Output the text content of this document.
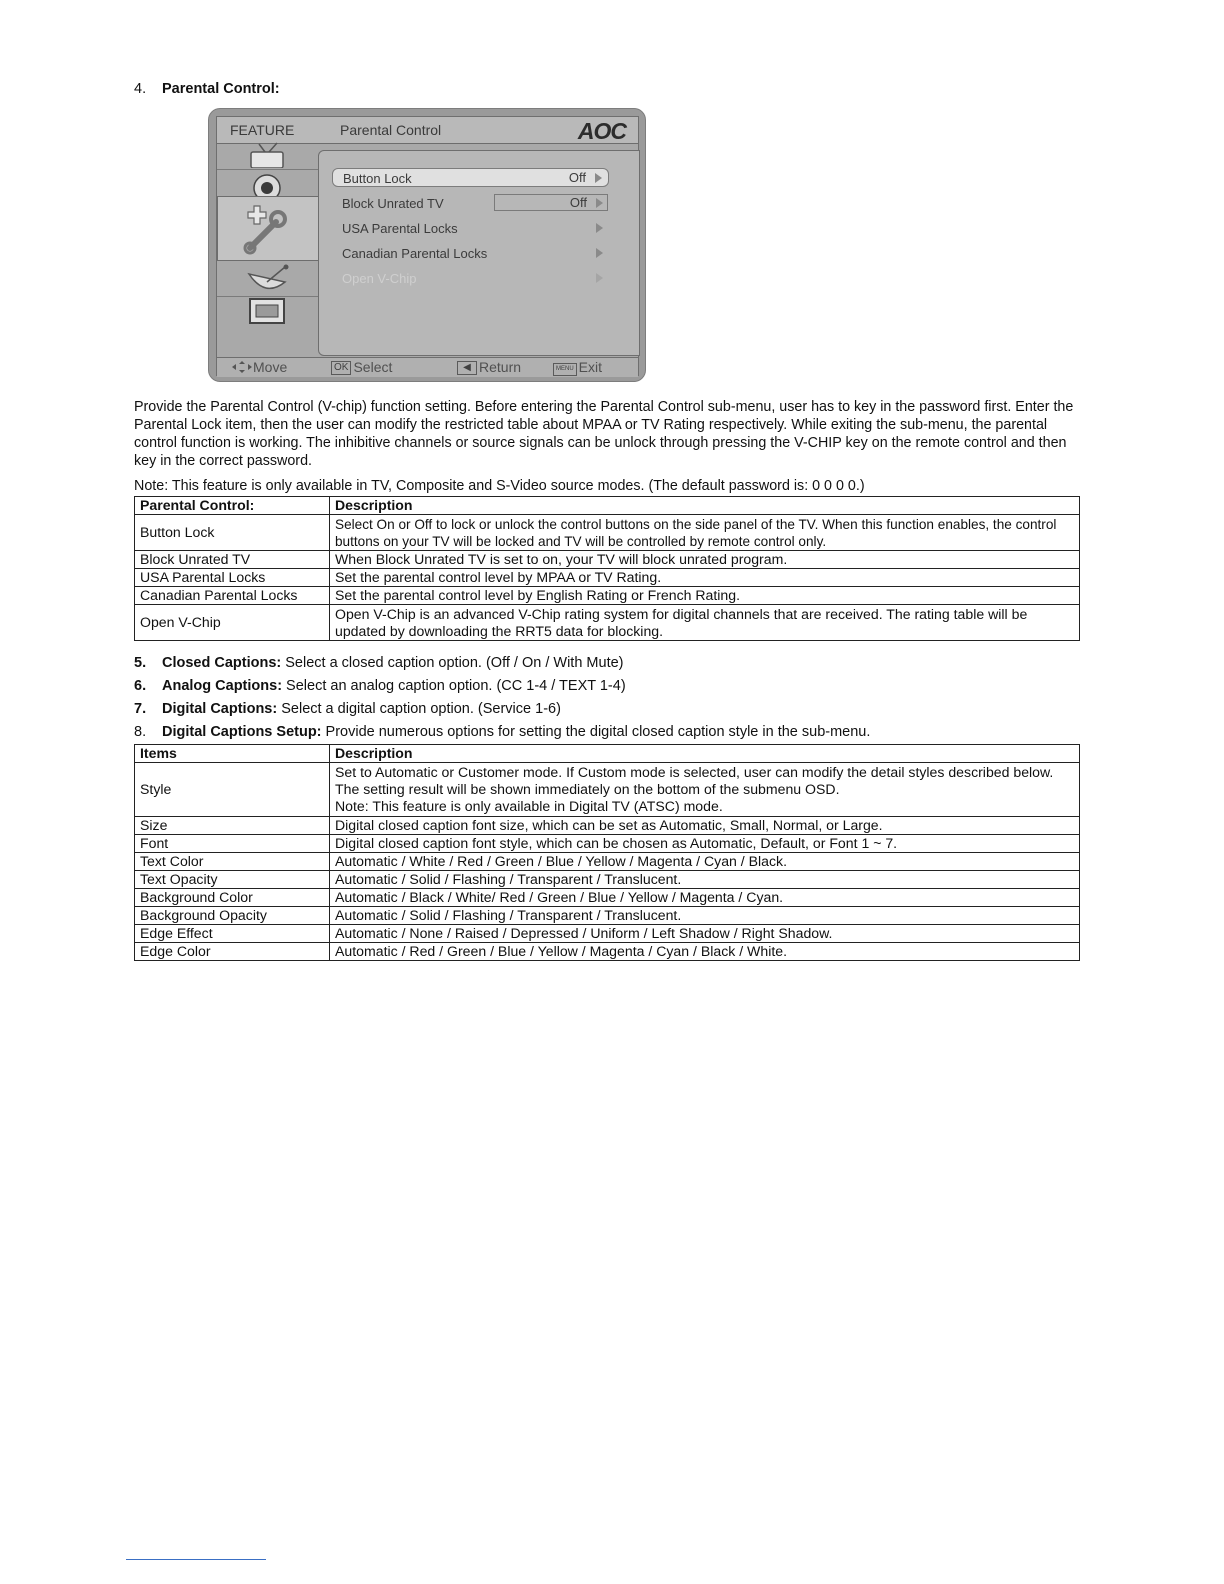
4. Parental Control:
FEATURE	Parental Control	AOC
Button Lock	Off
Block Unrated TV	Off
USA Parental Locks
Canadian Parental Locks
Open V-Chip
Move	OK Select	◀ Return	MENU Exit
Provide the Parental Control (V-chip) function setting. Before entering the Parental Control sub-menu, user has to key in the password first. Enter the Parental Lock item, then the user can modify the restricted table about MPAA or TV Rating respectively. While exiting the sub-menu, the parental control function is working. The inhibitive channels or source signals can be unlock through pressing the V-CHIP key on the remote control and then key in the correct password.
Note: This feature is only available in TV, Composite and S-Video source modes. (The default password is: 0 0 0 0.)
Parental Control:	Description
Button Lock	Select On or Off to lock or unlock the control buttons on the side panel of the TV. When this function enables, the control buttons on your TV will be locked and TV will be controlled by remote control only.
Block Unrated TV	When Block Unrated TV is set to on, your TV will block unrated program.
USA Parental Locks	Set the parental control level by MPAA or TV Rating.
Canadian Parental Locks	Set the parental control level by English Rating or French Rating.
Open V-Chip	Open V-Chip is an advanced V-Chip rating system for digital channels that are received. The rating table will be updated by downloading the RRT5 data for blocking.
5. Closed Captions: Select a closed caption option. (Off / On / With Mute)
6. Analog Captions: Select an analog caption option. (CC 1-4 / TEXT 1-4)
7. Digital Captions: Select a digital caption option. (Service 1-6)
8. Digital Captions Setup: Provide numerous options for setting the digital closed caption style in the sub-menu.
Items	Description
Style	Set to Automatic or Customer mode. If Custom mode is selected, user can modify the detail styles described below. The setting result will be shown immediately on the bottom of the submenu OSD.
Note: This feature is only available in Digital TV (ATSC) mode.

Size	Digital closed caption font size, which can be set as Automatic, Small, Normal, or Large.
Font	Digital closed caption font style, which can be chosen as Automatic, Default, or Font 1 ~ 7.
Text Color	Automatic / White / Red / Green / Blue / Yellow / Magenta / Cyan / Black.
Text Opacity	Automatic / Solid / Flashing / Transparent / Translucent.
Background Color	Automatic / Black / White/ Red / Green / Blue / Yellow / Magenta / Cyan.
Background Opacity	Automatic / Solid / Flashing / Transparent / Translucent.
Edge Effect	Automatic / None / Raised / Depressed / Uniform / Left Shadow / Right Shadow.
Edge Color	Automatic / Red / Green / Blue / Yellow / Magenta / Cyan / Black / White.
